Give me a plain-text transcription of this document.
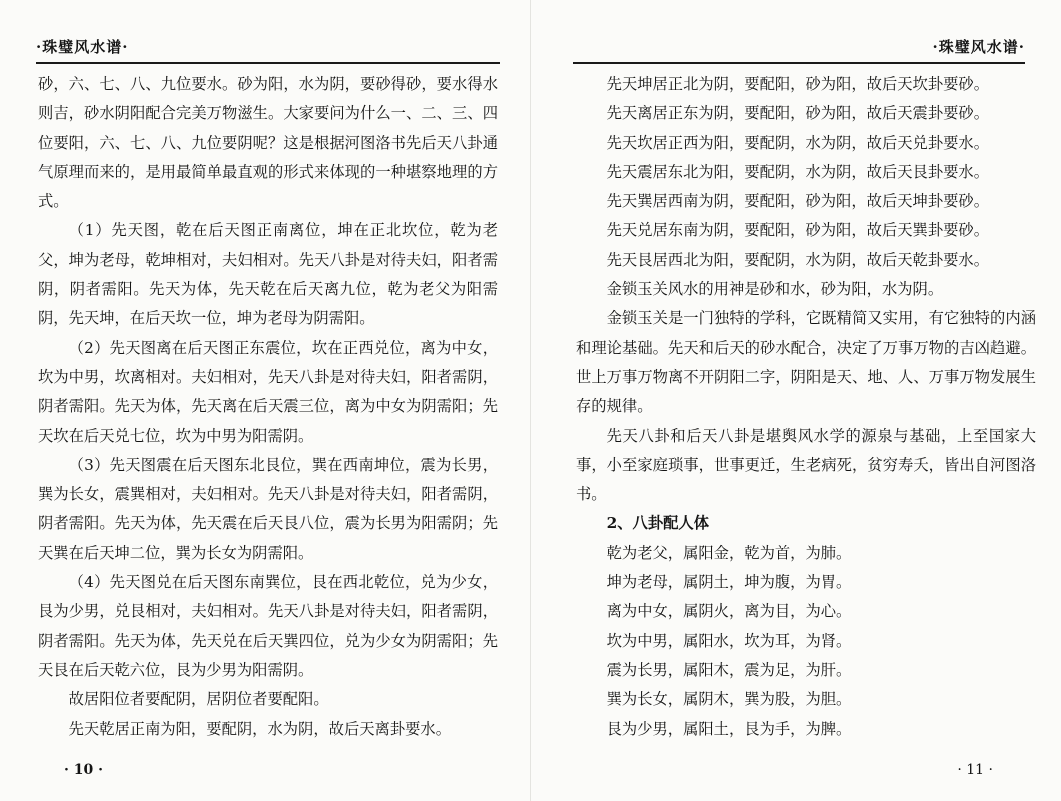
·珠璧风水谱·

砂，六、七、八、九位要水。砂为阳，水为阴，要砂得砂，要水得水则吉，砂水阴阳配合完美万物滋生。大家要问为什么一、二、三、四位要阳，六、七、八、九位要阴呢？这是根据河图洛书先后天八卦通气原理而来的，是用最简单最直观的形式来体现的一种堪察地理的方式。

（1）先天图，乾在后天图正南离位，坤在正北坎位，乾为老父，坤为老母，乾坤相对，夫妇相对。先天八卦是对待夫妇，阳者需阴，阴者需阳。先天为体，先天乾在后天离九位，乾为老父为阳需阴，先天坤，在后天坎一位，坤为老母为阴需阳。

（2）先天图离在后天图正东震位，坎在正西兑位，离为中女，坎为中男，坎离相对。夫妇相对，先天八卦是对待夫妇，阳者需阴，阴者需阳。先天为体，先天离在后天震三位，离为中女为阴需阳；先天坎在后天兑七位，坎为中男为阳需阴。

（3）先天图震在后天图东北艮位，巽在西南坤位，震为长男，巽为长女，震巽相对，夫妇相对。先天八卦是对待夫妇，阳者需阴，阴者需阳。先天为体，先天震在后天艮八位，震为长男为阳需阴；先天巽在后天坤二位，巽为长女为阴需阳。

（4）先天图兑在后天图东南巽位，艮在西北乾位，兑为少女，艮为少男，兑艮相对，夫妇相对。先天八卦是对待夫妇，阳者需阴，阴者需阳。先天为体，先天兑在后天巽四位，兑为少女为阴需阳；先天艮在后天乾六位，艮为少男为阳需阴。

故居阳位者要配阴，居阴位者要配阳。

先天乾居正南为阳，要配阴，水为阴，故后天离卦要水。

· 10 ·
·珠璧风水谱·

先天坤居正北为阴，要配阳，砂为阳，故后天坎卦要砂。

先天离居正东为阴，要配阳，砂为阳，故后天震卦要砂。

先天坎居正西为阳，要配阴，水为阴，故后天兑卦要水。

先天震居东北为阳，要配阴，水为阴，故后天艮卦要水。

先天巽居西南为阴，要配阳，砂为阳，故后天坤卦要砂。

先天兑居东南为阴，要配阳，砂为阳，故后天巽卦要砂。

先天艮居西北为阳，要配阴，水为阴，故后天乾卦要水。

金锁玉关风水的用神是砂和水，砂为阳，水为阴。

金锁玉关是一门独特的学科，它既精简又实用，有它独特的内涵和理论基础。先天和后天的砂水配合，决定了万事万物的吉凶趋避。世上万事万物离不开阴阳二字，阴阳是天、地、人、万事万物发展生存的规律。

先天八卦和后天八卦是堪舆风水学的源泉与基础，上至国家大事，小至家庭琐事，世事更迁，生老病死，贫穷寿夭，皆出自河图洛书。

2、八卦配人体

乾为老父，属阳金，乾为首，为肺。

坤为老母，属阴土，坤为腹，为胃。

离为中女，属阴火，离为目，为心。

坎为中男，属阳水，坎为耳，为肾。

震为长男，属阳木，震为足，为肝。

巽为长女，属阴木，巽为股，为胆。

艮为少男，属阳土，艮为手，为脾。

· 11 ·
